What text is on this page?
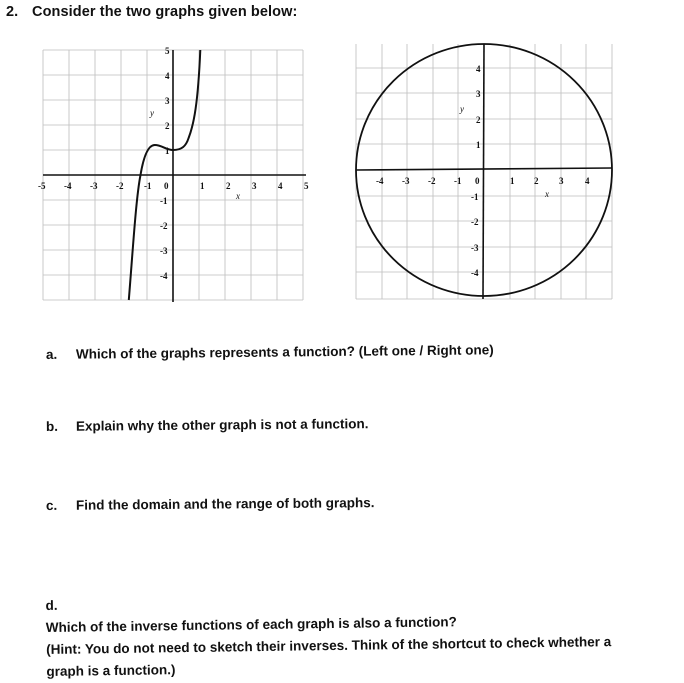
2. Consider the two graphs given below:
-5 -4 -3 -2 -1 0	1 2 3 4 5
5
4
3
2
1
-1
-2
-3
-4
y
x
-4 -3 -2 -1 0	1 2 3 4
4
3
2
1
-1
-2
-3
-4
y
x
a. Which of the graphs represents a function? (Left one / Right one)
b. Explain why the other graph is not a function.
c. Find the domain and the range of both graphs.
d.
Which of the inverse functions of each graph is also a function?
(Hint: You do not need to sketch their inverses. Think of the shortcut to check whether a
graph is a function.)
